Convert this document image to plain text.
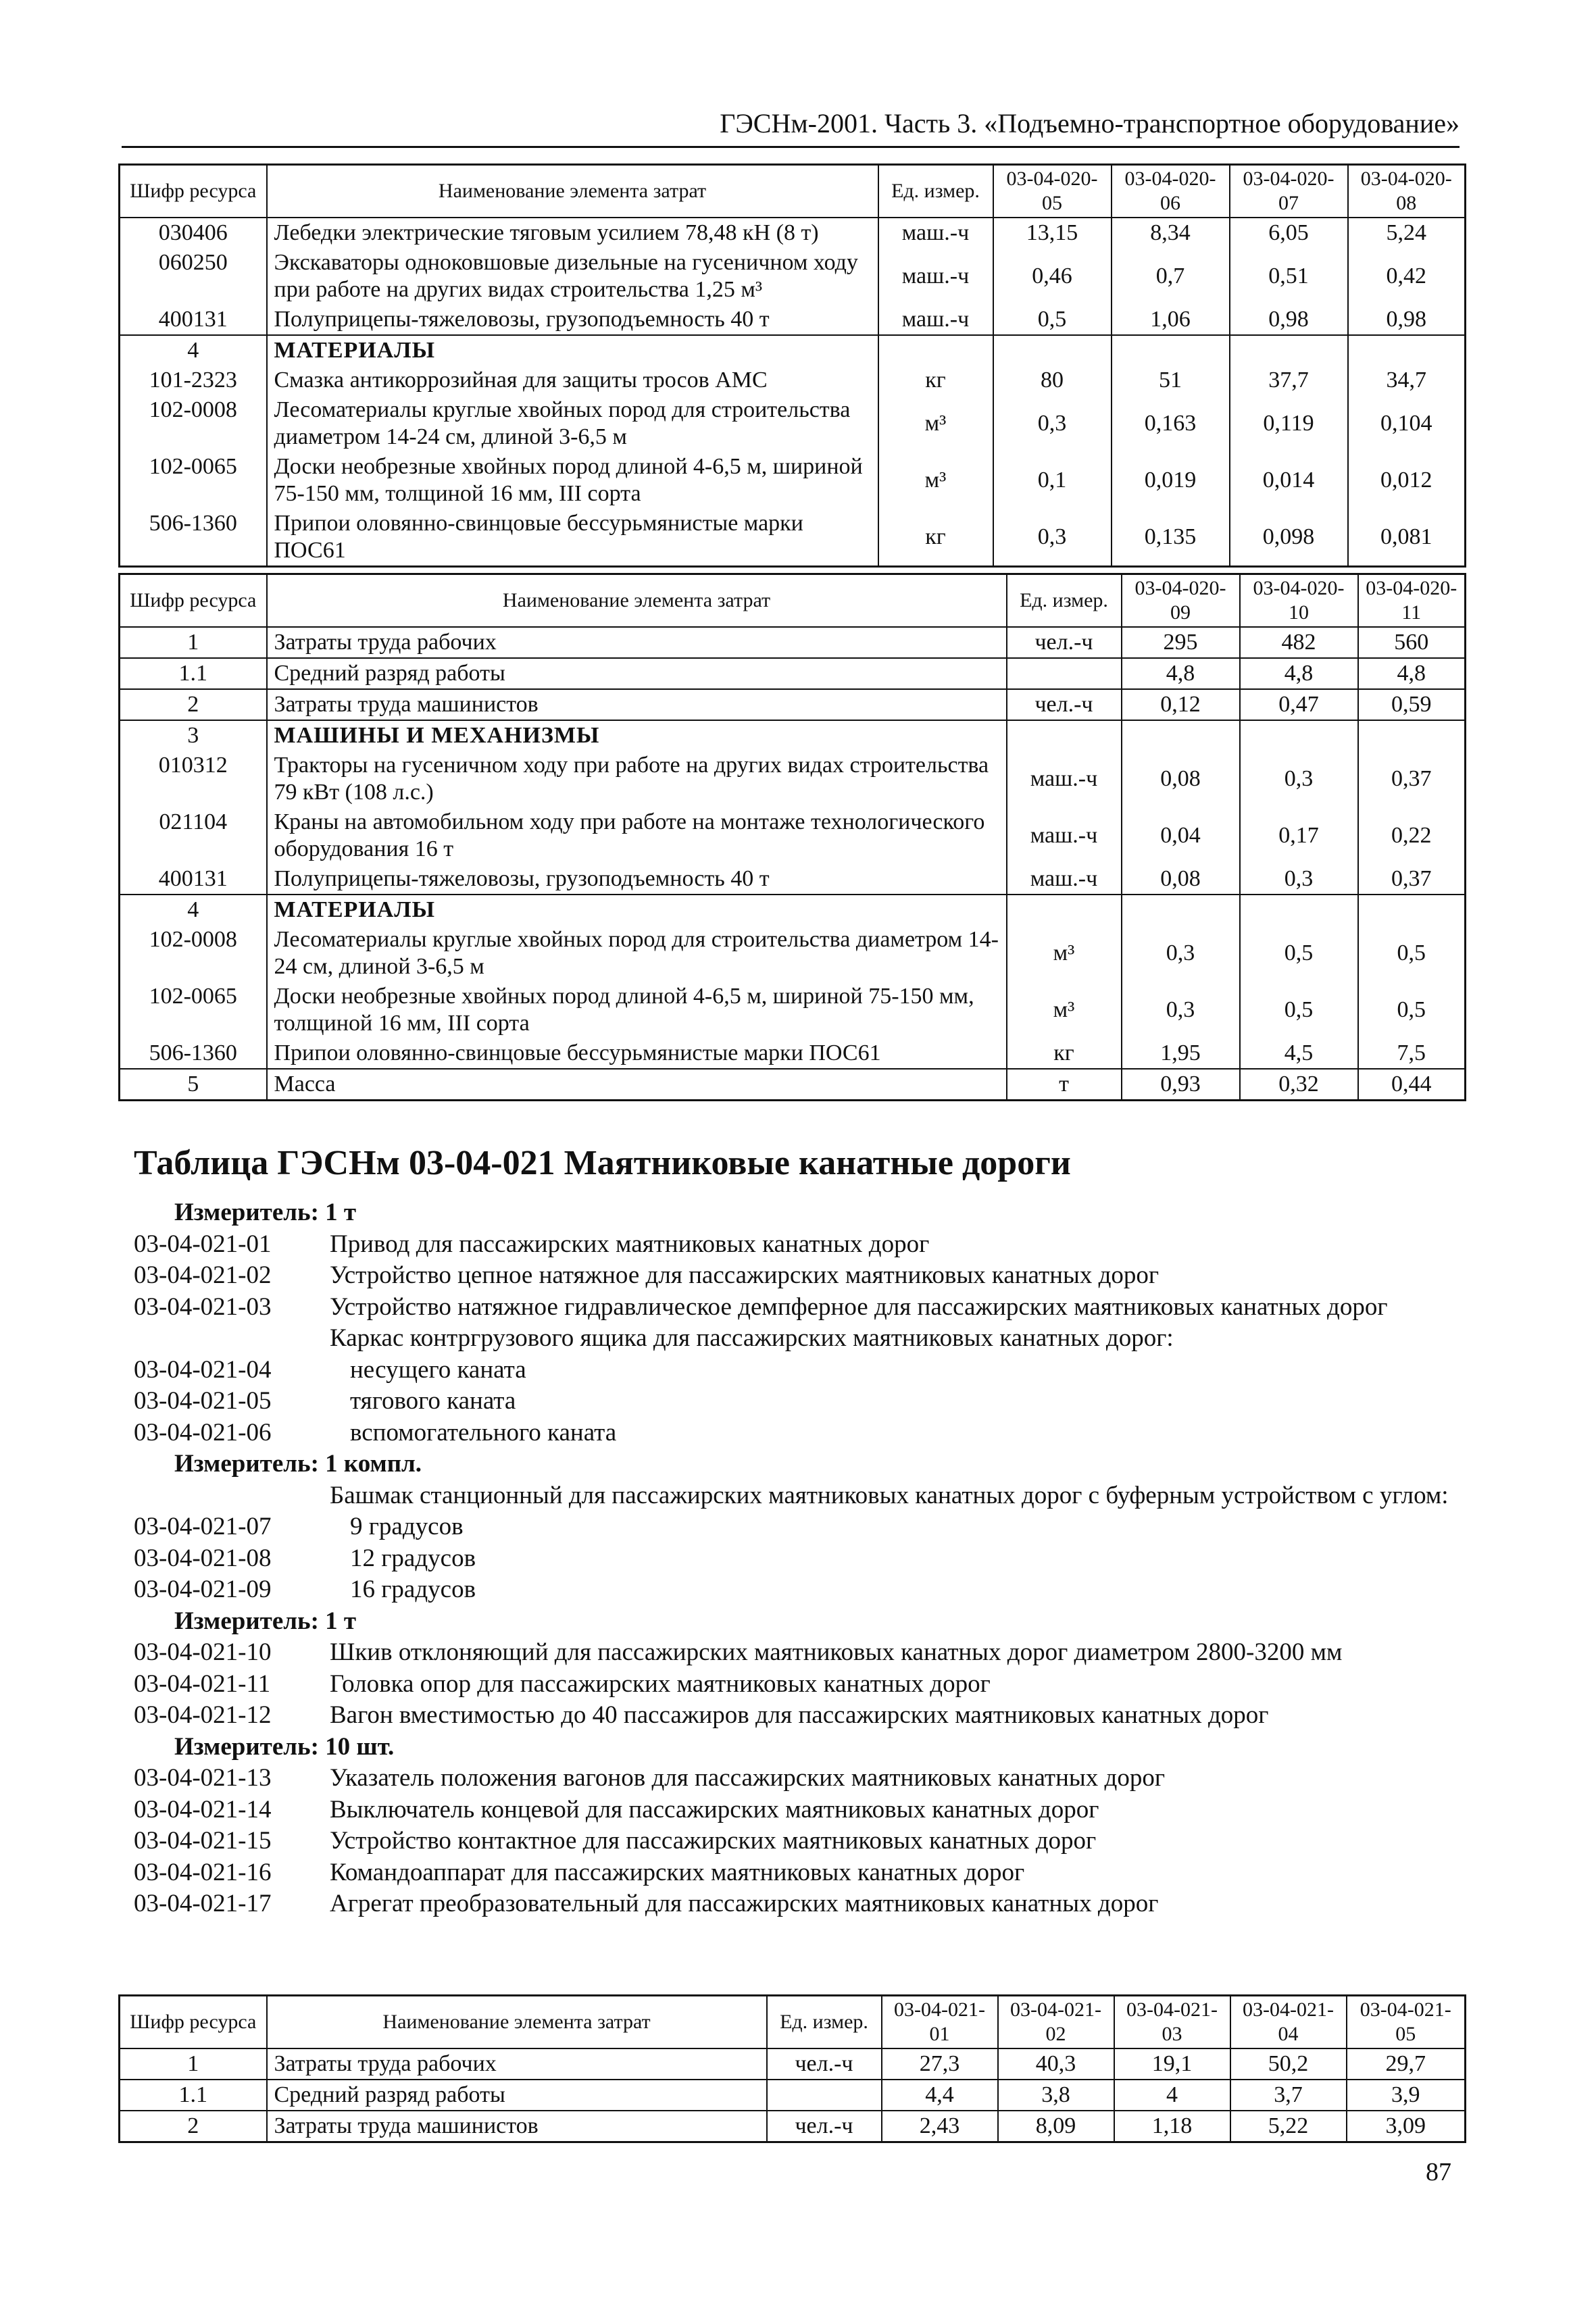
ГЭСНм-2001. Часть 3. «Подъемно-транспортное оборудование»
Шифр ресурса	Наименование элемента затрат	Ед. измер.	03-04-020-05	03-04-020-06	03-04-020-07	03-04-020-08
030406	Лебедки электрические тяговым усилием 78,48 кН (8 т)	маш.-ч	13,15	8,34	6,05	5,24
060250	Экскаваторы одноковшовые дизельные на гусеничном ходу при работе на других видах строительства 1,25 м³	маш.-ч	0,46	0,7	0,51	0,42
400131	Полуприцепы-тяжеловозы, грузоподъемность 40 т	маш.-ч	0,5	1,06	0,98	0,98
4	МАТЕРИАЛЫ					
101-2323	Смазка антикоррозийная для защиты тросов АМС	кг	80	51	37,7	34,7
102-0008	Лесоматериалы круглые хвойных пород для строительства диаметром 14-24 см, длиной 3-6,5 м	м³	0,3	0,163	0,119	0,104
102-0065	Доски необрезные хвойных пород длиной 4-6,5 м, шириной 75-150 мм, толщиной 16 мм, III сорта	м³	0,1	0,019	0,014	0,012
506-1360	Припои оловянно-свинцовые бессурьмянистые марки ПОС61	кг	0,3	0,135	0,098	0,081
Шифр ресурса	Наименование элемента затрат	Ед. измер.	03-04-020-09	03-04-020-10	03-04-020-11
1	Затраты труда рабочих	чел.-ч	295	482	560
1.1	Средний разряд работы		4,8	4,8	4,8
2	Затраты труда машинистов	чел.-ч	0,12	0,47	0,59
3	МАШИНЫ И МЕХАНИЗМЫ				
010312	Тракторы на гусеничном ходу при работе на других видах строительства 79 кВт (108 л.с.)	маш.-ч	0,08	0,3	0,37
021104	Краны на автомобильном ходу при работе на монтаже технологического оборудования 16 т	маш.-ч	0,04	0,17	0,22
400131	Полуприцепы-тяжеловозы, грузоподъемность 40 т	маш.-ч	0,08	0,3	0,37
4	МАТЕРИАЛЫ				
102-0008	Лесоматериалы круглые хвойных пород для строительства диаметром 14-24 см, длиной 3-6,5 м	м³	0,3	0,5	0,5
102-0065	Доски необрезные хвойных пород длиной 4-6,5 м, шириной 75-150 мм, толщиной 16 мм, III сорта	м³	0,3	0,5	0,5
506-1360	Припои оловянно-свинцовые бессурьмянистые марки ПОС61	кг	1,95	4,5	7,5
5	Масса	т	0,93	0,32	0,44
Таблица ГЭСНм 03-04-021 Маятниковые канатные дороги
Измеритель: 1 т
03-04-021-01	Привод для пассажирских маятниковых канатных дорог
03-04-021-02	Устройство цепное натяжное для пассажирских маятниковых канатных дорог
03-04-021-03	Устройство натяжное гидравлическое демпферное для пассажирских маятниковых канатных дорог
Каркас контргрузового ящика для пассажирских маятниковых канатных дорог:
03-04-021-04	несущего каната
03-04-021-05	тягового каната
03-04-021-06	вспомогательного каната
Измеритель: 1 компл.
Башмак станционный для пассажирских маятниковых канатных дорог с буферным устройством с углом:
03-04-021-07	9 градусов
03-04-021-08	12 градусов
03-04-021-09	16 градусов
Измеритель: 1 т
03-04-021-10	Шкив отклоняющий для пассажирских маятниковых канатных дорог диаметром 2800-3200 мм
03-04-021-11	Головка опор для пассажирских маятниковых канатных дорог
03-04-021-12	Вагон вместимостью до 40 пассажиров для пассажирских маятниковых канатных дорог
Измеритель: 10 шт.
03-04-021-13	Указатель положения вагонов для пассажирских маятниковых канатных дорог
03-04-021-14	Выключатель концевой для пассажирских маятниковых канатных дорог
03-04-021-15	Устройство контактное для пассажирских маятниковых канатных дорог
03-04-021-16	Командоаппарат для пассажирских маятниковых канатных дорог
03-04-021-17	Агрегат преобразовательный для пассажирских маятниковых канатных дорог
Шифр ресурса	Наименование элемента затрат	Ед. измер.	03-04-021-01	03-04-021-02	03-04-021-03	03-04-021-04	03-04-021-05
1	Затраты труда рабочих	чел.-ч	27,3	40,3	19,1	50,2	29,7
1.1	Средний разряд работы		4,4	3,8	4	3,7	3,9
2	Затраты труда машинистов	чел.-ч	2,43	8,09	1,18	5,22	3,09
87
